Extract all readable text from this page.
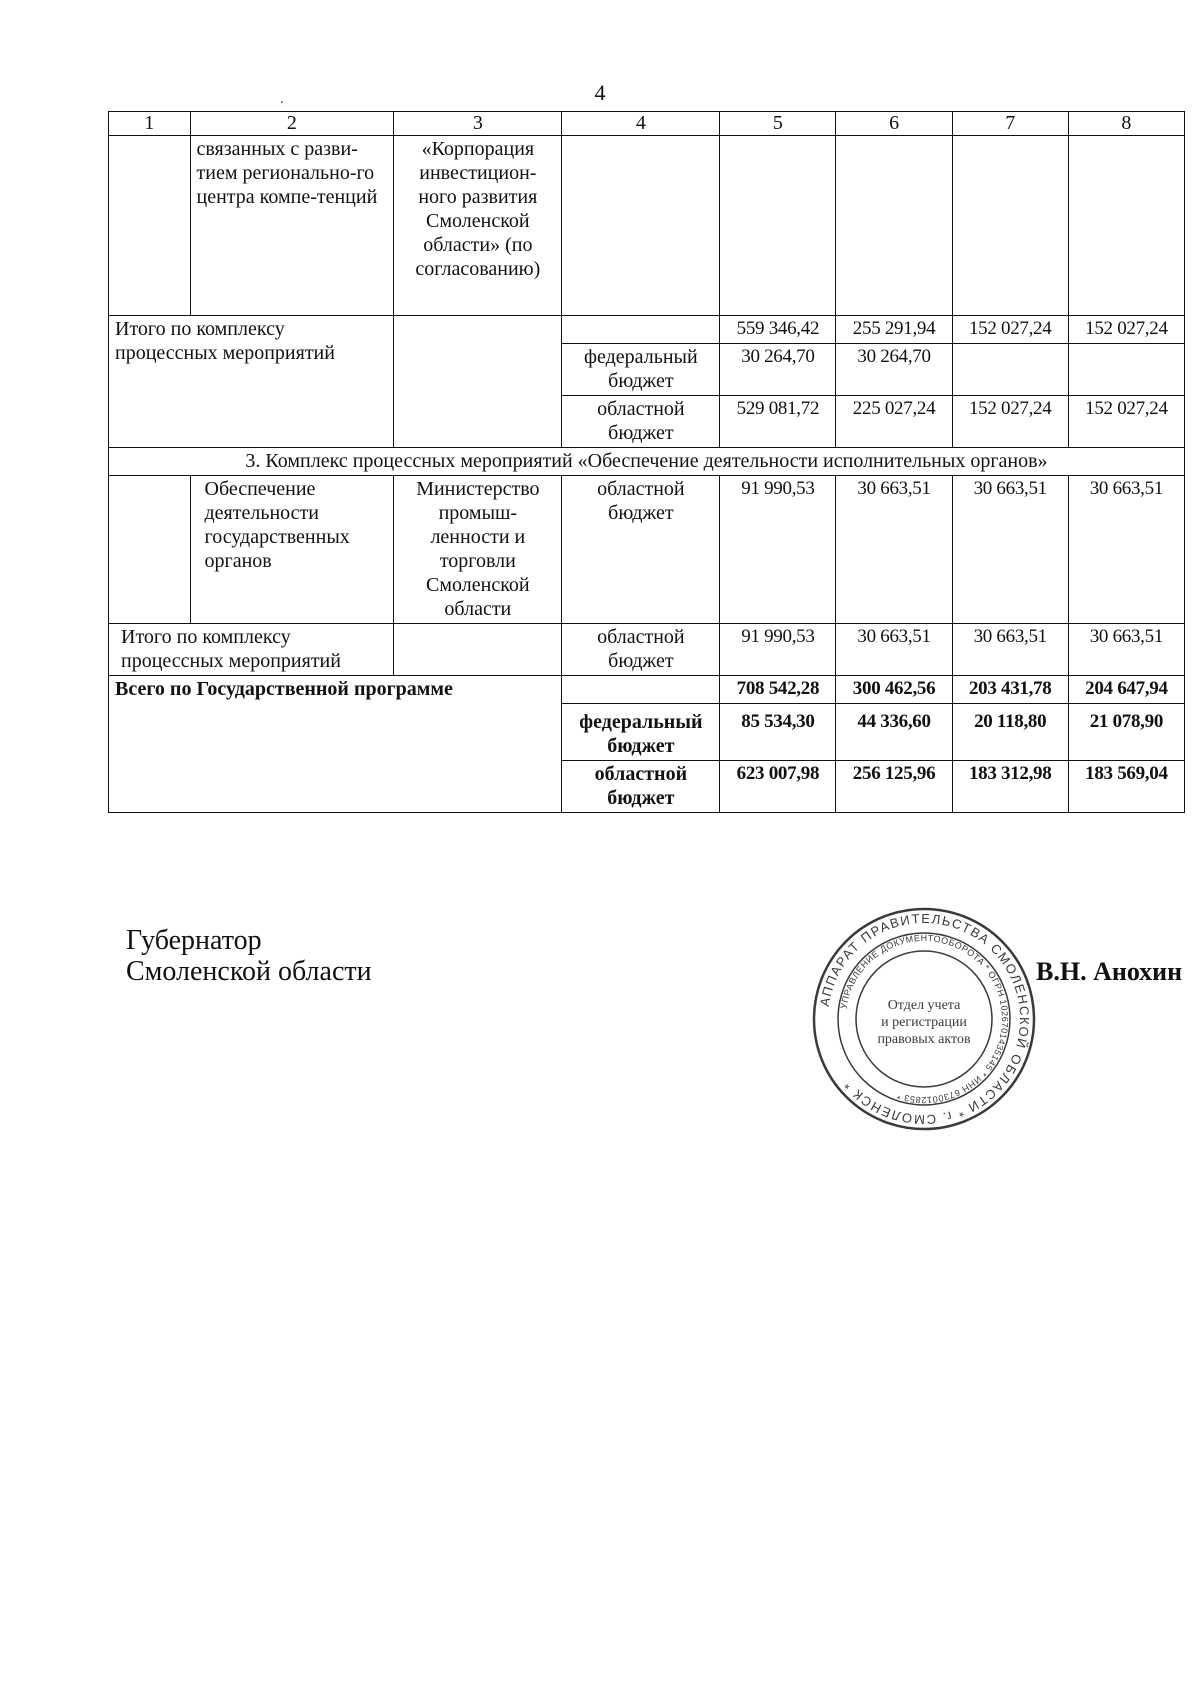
4
.
1	2	3	4	5	6	7	8
	связанных с разви-тием регионально-го центра компе-тенций	«Корпорация инвестицион-ного развития Смоленской области» (по согласованию)					
Итого по комплексу процессных мероприятий				559 346,42	255 291,94	152 027,24	152 027,24
			федеральный бюджет	30 264,70	30 264,70		
			областной бюджет	529 081,72	225 027,24	152 027,24	152 027,24
3. Комплекс процессных мероприятий «Обеспечение деятельности исполнительных органов»							
	Обеспечение деятельности государственных органов	Министерство промыш-ленности и торговли Смоленской области	областной бюджет	91 990,53	30 663,51	30 663,51	30 663,51
Итого по комплексу процессных мероприятий			областной бюджет	91 990,53	30 663,51	30 663,51	30 663,51
Всего по Государственной программе				708 542,28	300 462,56	203 431,78	204 647,94
			федеральный бюджет	85 534,30	44 336,60	20 118,80	21 078,90
			областной бюджет	623 007,98	256 125,96	183 312,98	183 569,04
Губернатор
Смоленской области
АППАРАТ ПРАВИТЕЛЬСТВА СМОЛЕНСКОЙ ОБЛАСТИ * г. СМОЛЕНСК *
УПРАВЛЕНИЕ ДОКУМЕНТООБОРОТА * ОГРН 1026701435145 * ИНН 6730012853 *
Отдел учета
и регистрации
правовых актов
В.Н. Анохин
